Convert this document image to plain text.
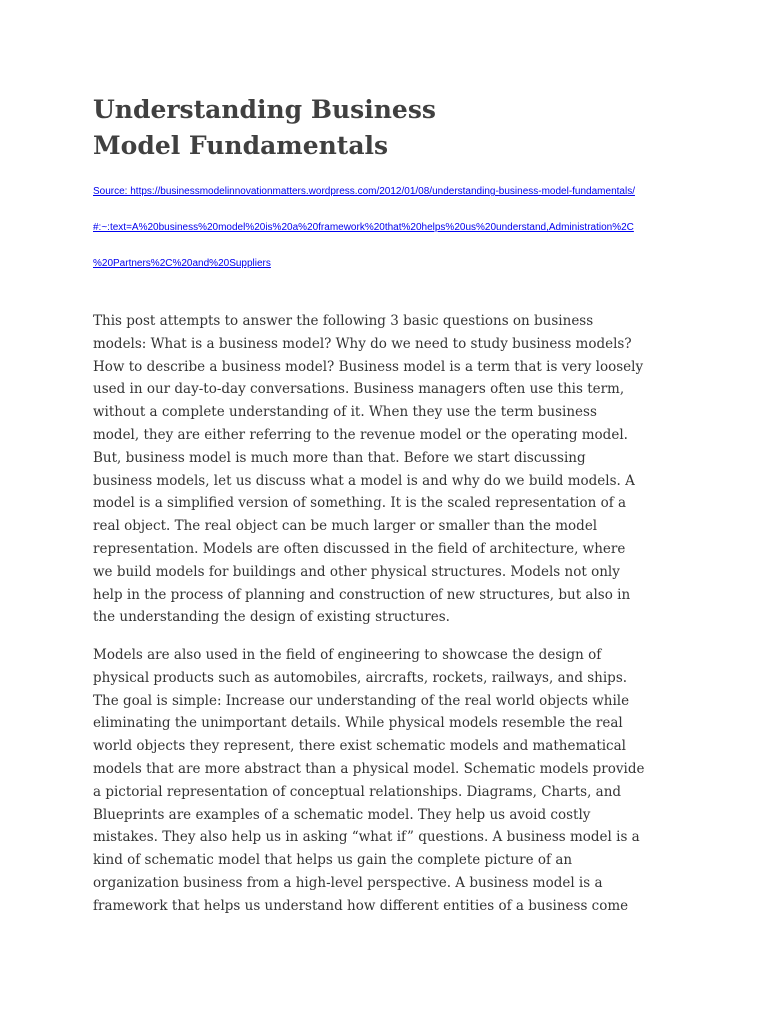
Understanding Business
Model Fundamentals
Source: https://businessmodelinnovationmatters.wordpress.com/2012/01/08/understanding-business-model-fundamentals/
#:~:text=A%20business%20model%20is%20a%20framework%20that%20helps%20us%20understand,Administration%2C
%20Partners%2C%20and%20Suppliers

This post attempts to answer the following 3 basic questions on business
models: What is a business model? Why do we need to study business models?
How to describe a business model? Business model is a term that is very loosely
used in our day-to-day conversations. Business managers often use this term,
without a complete understanding of it. When they use the term business
model, they are either referring to the revenue model or the operating model.
But, business model is much more than that. Before we start discussing
business models, let us discuss what a model is and why do we build models. A
model is a simplified version of something. It is the scaled representation of a
real object. The real object can be much larger or smaller than the model
representation. Models are often discussed in the field of architecture, where
we build models for buildings and other physical structures. Models not only
help in the process of planning and construction of new structures, but also in
the understanding the design of existing structures.

Models are also used in the field of engineering to showcase the design of
physical products such as automobiles, aircrafts, rockets, railways, and ships.
The goal is simple: Increase our understanding of the real world objects while
eliminating the unimportant details. While physical models resemble the real
world objects they represent, there exist schematic models and mathematical
models that are more abstract than a physical model. Schematic models provide
a pictorial representation of conceptual relationships. Diagrams, Charts, and
Blueprints are examples of a schematic model. They help us avoid costly
mistakes. They also help us in asking “what if” questions. A business model is a
kind of schematic model that helps us gain the complete picture of an
organization business from a high-level perspective. A business model is a
framework that helps us understand how different entities of a business come
